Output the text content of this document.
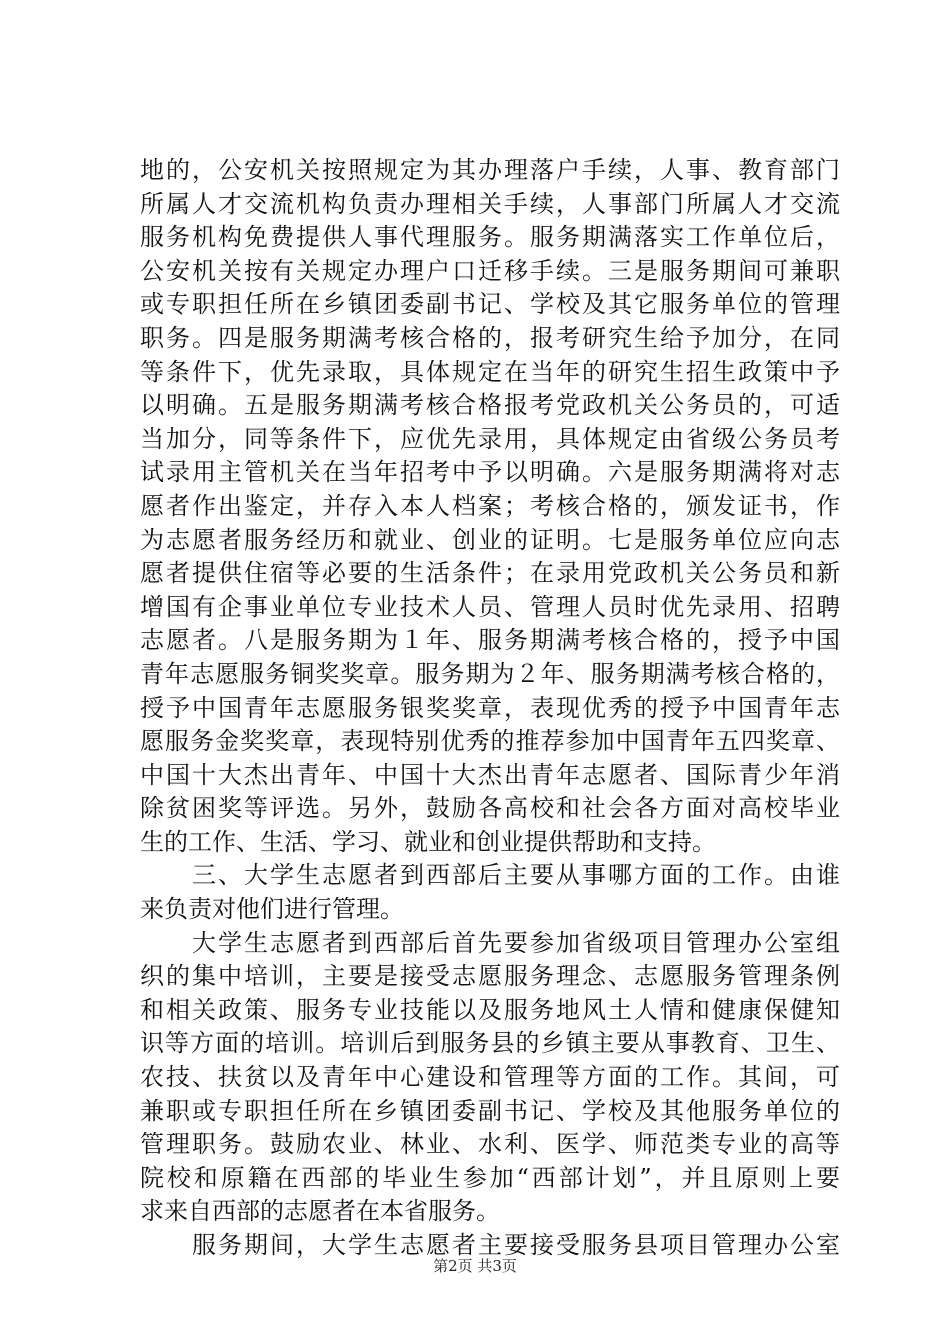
地的，公安机关按照规定为其办理落户手续，人事、教育部门
所属人才交流机构负责办理相关手续，人事部门所属人才交流
服务机构免费提供人事代理服务。服务期满落实工作单位后，
公安机关按有关规定办理户口迁移手续。三是服务期间可兼职
或专职担任所在乡镇团委副书记、学校及其它服务单位的管理
职务。四是服务期满考核合格的，报考研究生给予加分，在同
等条件下，优先录取，具体规定在当年的研究生招生政策中予
以明确。五是服务期满考核合格报考党政机关公务员的，可适
当加分，同等条件下，应优先录用，具体规定由省级公务员考
试录用主管机关在当年招考中予以明确。六是服务期满将对志
愿者作出鉴定，并存入本人档案；考核合格的，颁发证书，作
为志愿者服务经历和就业、创业的证明。七是服务单位应向志
愿者提供住宿等必要的生活条件；在录用党政机关公务员和新
增国有企事业单位专业技术人员、管理人员时优先录用、招聘
志愿者。八是服务期为１年、服务期满考核合格的，授予中国
青年志愿服务铜奖奖章。服务期为２年、服务期满考核合格的，
授予中国青年志愿服务银奖奖章，表现优秀的授予中国青年志
愿服务金奖奖章，表现特别优秀的推荐参加中国青年五四奖章、
中国十大杰出青年、中国十大杰出青年志愿者、国际青少年消
除贫困奖等评选。另外，鼓励各高校和社会各方面对高校毕业
生的工作、生活、学习、就业和创业提供帮助和支持。
　　三、大学生志愿者到西部后主要从事哪方面的工作。由谁
来负责对他们进行管理。
　　大学生志愿者到西部后首先要参加省级项目管理办公室组
织的集中培训，主要是接受志愿服务理念、志愿服务管理条例
和相关政策、服务专业技能以及服务地风土人情和健康保健知
识等方面的培训。培训后到服务县的乡镇主要从事教育、卫生、
农技、扶贫以及青年中心建设和管理等方面的工作。其间，可
兼职或专职担任所在乡镇团委副书记、学校及其他服务单位的
管理职务。鼓励农业、林业、水利、医学、师范类专业的高等
院校和原籍在西部的毕业生参加“西部计划”，并且原则上要
求来自西部的志愿者在本省服务。
　　服务期间，大学生志愿者主要接受服务县项目管理办公室
第2页 共3页
